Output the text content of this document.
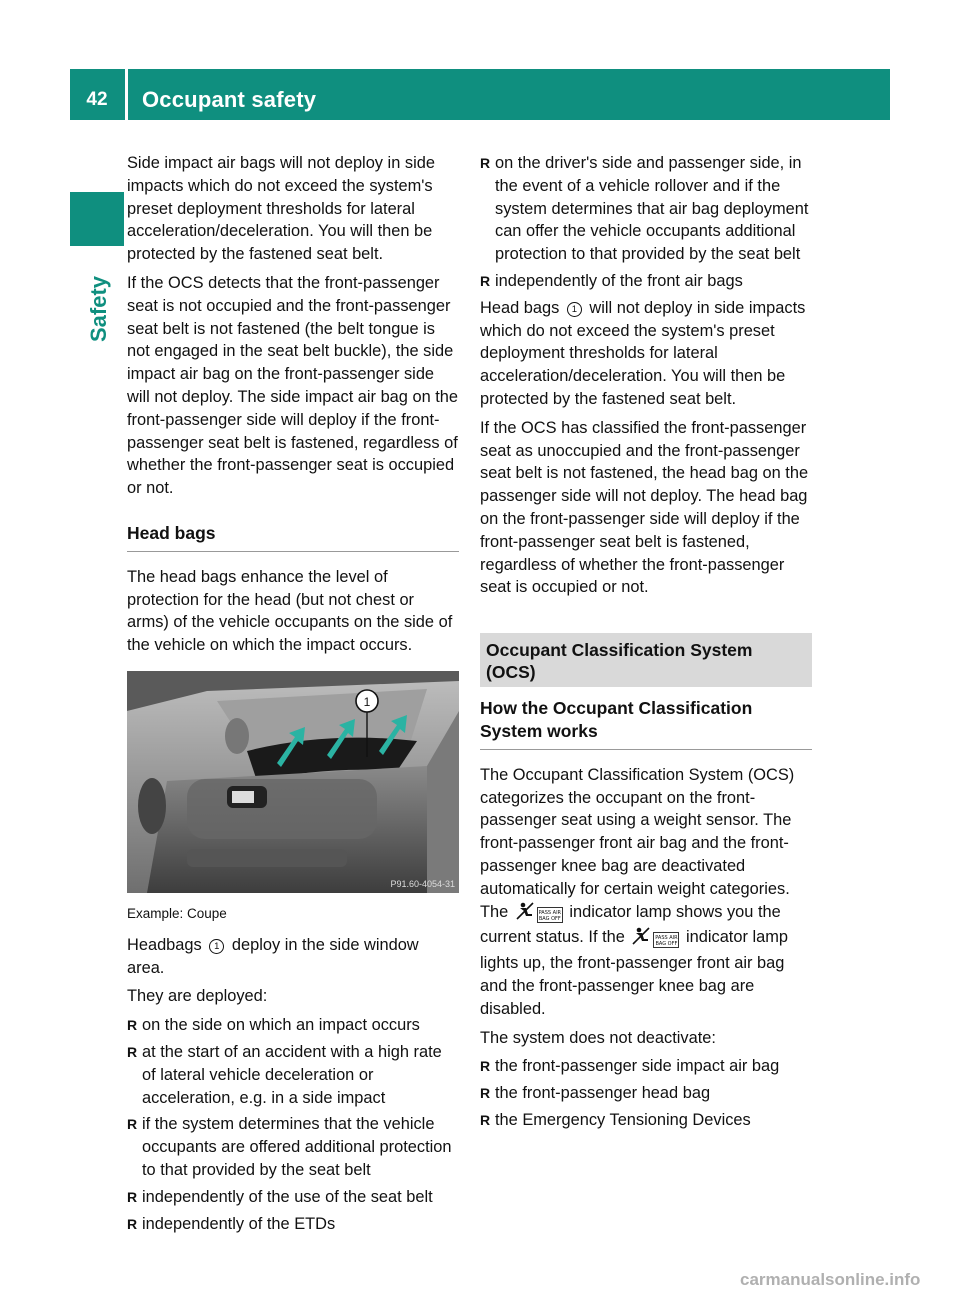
42	Occupant safety
Safety

Side impact air bags will not deploy in side impacts which do not exceed the system's preset deployment thresholds for lateral acceleration/deceleration. You will then be protected by the fastened seat belt.

If the OCS detects that the front-passenger seat is not occupied and the front-passenger seat belt is not fastened (the belt tongue is not engaged in the seat belt buckle), the side impact air bag on the front-passenger side will not deploy. The side impact air bag on the front-passenger side will deploy if the front-passenger seat belt is fastened, regardless of whether the front-passenger seat is occupied or not.

Head bags

The head bags enhance the level of protection for the head (but not chest or arms) of the vehicle occupants on the side of the vehicle on which the impact occurs.

1
P91.60-4054-31

Example: Coupe

Headbags 1 deploy in the side window area.

They are deployed:

R on the side on which an impact occurs
R at the start of an accident with a high rate of lateral vehicle deceleration or acceleration, e.g. in a side impact
R if the system determines that the vehicle occupants are offered additional protection to that provided by the seat belt
R independently of the use of the seat belt
R independently of the ETDs
R on the driver's side and passenger side, in the event of a vehicle rollover and if the system determines that air bag deployment can offer the vehicle occupants additional protection to that provided by the seat belt
R independently of the front air bags

Head bags 1 will not deploy in side impacts which do not exceed the system's preset deployment thresholds for lateral acceleration/deceleration. You will then be protected by the fastened seat belt.

If the OCS has classified the front-passenger seat as unoccupied and the front-passenger seat belt is not fastened, the head bag on the passenger side will not deploy. The head bag on the front-passenger side will deploy if the front-passenger seat belt is fastened, regardless of whether the front-passenger seat is occupied or not.

Occupant Classification System (OCS)
How the Occupant Classification System works

The Occupant Classification System (OCS) categorizes the occupant on the front-passenger seat using a weight sensor. The front-passenger front air bag and the front-passenger knee bag are deactivated automatically for certain weight categories. The	PASS AIR BAG OFF indicator lamp shows you the current status. If the	PASS AIR BAG OFF indicator lamp lights up, the front-passenger front air bag and the front-passenger knee bag are disabled.

The system does not deactivate:

R the front-passenger side impact air bag
R the front-passenger head bag
R the Emergency Tensioning Devices
carmanualsonline.info
